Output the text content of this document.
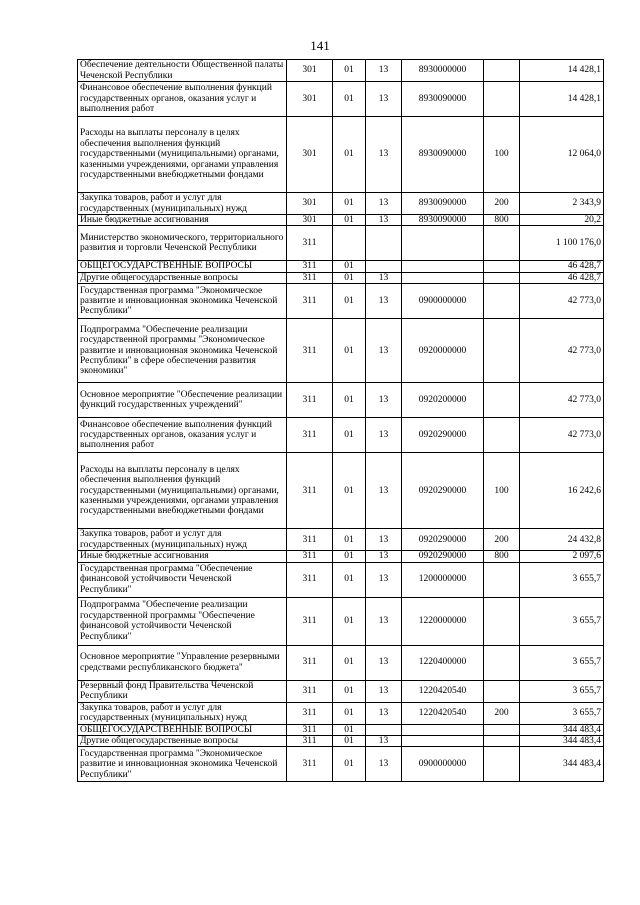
141
Обеспечение деятельности Общественной палаты Чеченской Республики	301	01	13	8930000000		14 428,1
Финансовое обеспечение выполнения функций государственных органов, оказания услуг и выполнения работ	301	01	13	8930090000		14 428,1
Расходы на выплаты персоналу в целях обеспечения выполнения функций государственными (муниципальными) органами, казенными учреждениями, органами управления государственными внебюджетными фондами	301	01	13	8930090000	100	12 064,0
Закупка товаров, работ и услуг для государственных (муниципальных) нужд	301	01	13	8930090000	200	2 343,9
Иные бюджетные ассигнования	301	01	13	8930090000	800	20,2
Министерство экономического, территориального развития и торговли Чеченской Республики	311					1 100 176,0
ОБЩЕГОСУДАРСТВЕННЫЕ ВОПРОСЫ	311	01				46 428,7
Другие общегосударственные вопросы	311	01	13			46 428,7
Государственная программа "Экономическое развитие и инновационная экономика Чеченской Республики"	311	01	13	0900000000		42 773,0
Подпрограмма "Обеспечение реализации государственной программы "Экономическое развитие и инновационная экономика Чеченской Республики" в сфере обеспечения развития экономики"	311	01	13	0920000000		42 773,0
Основное мероприятие "Обеспечение реализации функций государственных учреждений"	311	01	13	0920200000		42 773,0
Финансовое обеспечение выполнения функций государственных органов, оказания услуг и выполнения работ	311	01	13	0920290000		42 773,0
Расходы на выплаты персоналу в целях обеспечения выполнения функций государственными (муниципальными) органами, казенными учреждениями, органами управления государственными внебюджетными фондами	311	01	13	0920290000	100	16 242,6
Закупка товаров, работ и услуг для государственных (муниципальных) нужд	311	01	13	0920290000	200	24 432,8
Иные бюджетные ассигнования	311	01	13	0920290000	800	2 097,6
Государственная программа "Обеспечение финансовой устойчивости Чеченской Республики"	311	01	13	1200000000		3 655,7
Подпрограмма "Обеспечение реализации государственной программы "Обеспечение финансовой устойчивости Чеченской Республики"	311	01	13	1220000000		3 655,7
Основное мероприятие "Управление резервными средствами республиканского бюджета"	311	01	13	1220400000		3 655,7
Резервный фонд Правительства Чеченской Республики	311	01	13	1220420540		3 655,7
Закупка товаров, работ и услуг для государственных (муниципальных) нужд	311	01	13	1220420540	200	3 655,7
ОБЩЕГОСУДАРСТВЕННЫЕ ВОПРОСЫ	311	01				344 483,4
Другие общегосударственные вопросы	311	01	13			344 483,4
Государственная программа "Экономическое развитие и инновационная экономика Чеченской Республики"	311	01	13	0900000000		344 483,4
